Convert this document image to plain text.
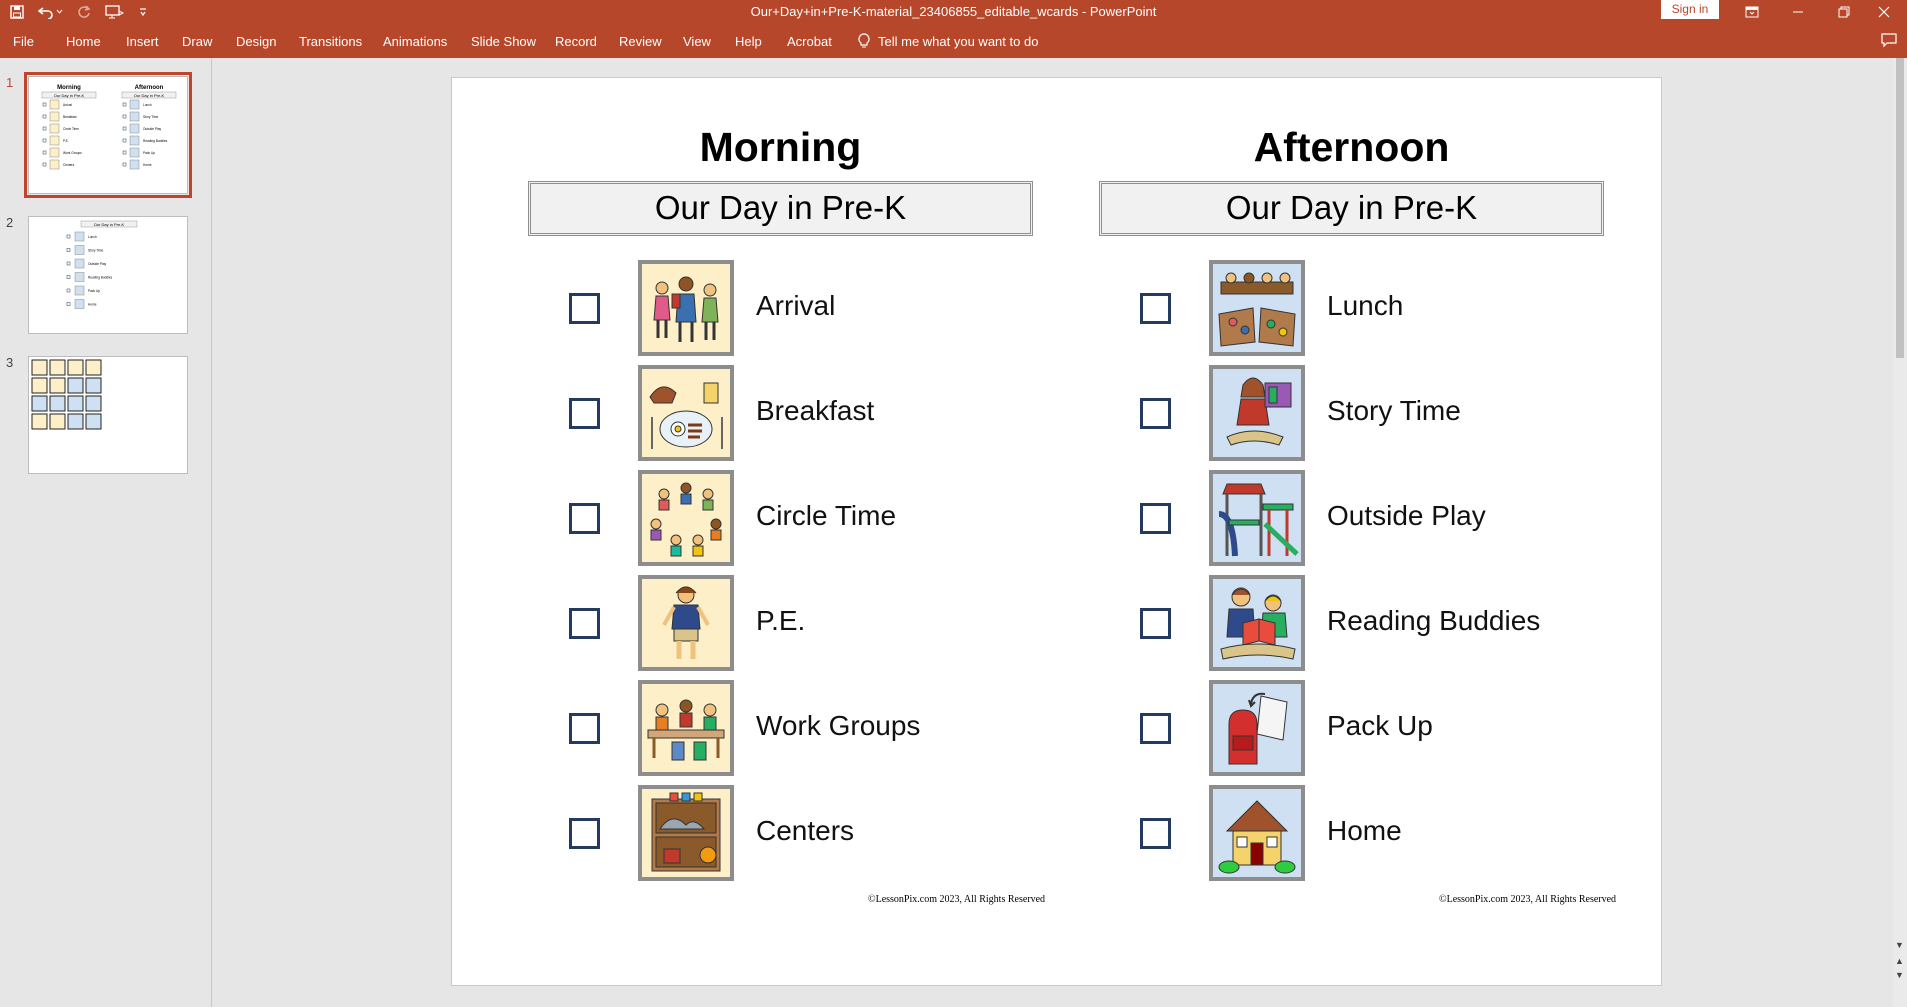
Our+Day+in+Pre-K-material_23406855_editable_wcards - PowerPoint	Sign in
File Home Insert Draw Design Transitions Animations Slide Show Record Review View Help Acrobat	Tell me what you want to do
1	Morning	Afternoon
Our Day in Pre-K	Our Day in Pre-K
Arrival
Breakfast
Circle Time
P.E.
Work Groups
Centers
Lunch
Story Time
Outside Play
Reading Buddies
Pack Up
Home
2	Our Day in Pre-K
Lunch
Story Time
Outside Play
Reading Buddies
Pack Up
Home
3
Morning
Our Day in Pre-K
Arrival
Breakfast
Circle Time
P.E.
Work Groups
Centers
©LessonPix.com 2023, All Rights Reserved
Afternoon
Our Day in Pre-K
Lunch
Story Time
Outside Play
Reading Buddies
Pack Up
Home
©LessonPix.com 2023, All Rights Reserved
▼
▲
▼
